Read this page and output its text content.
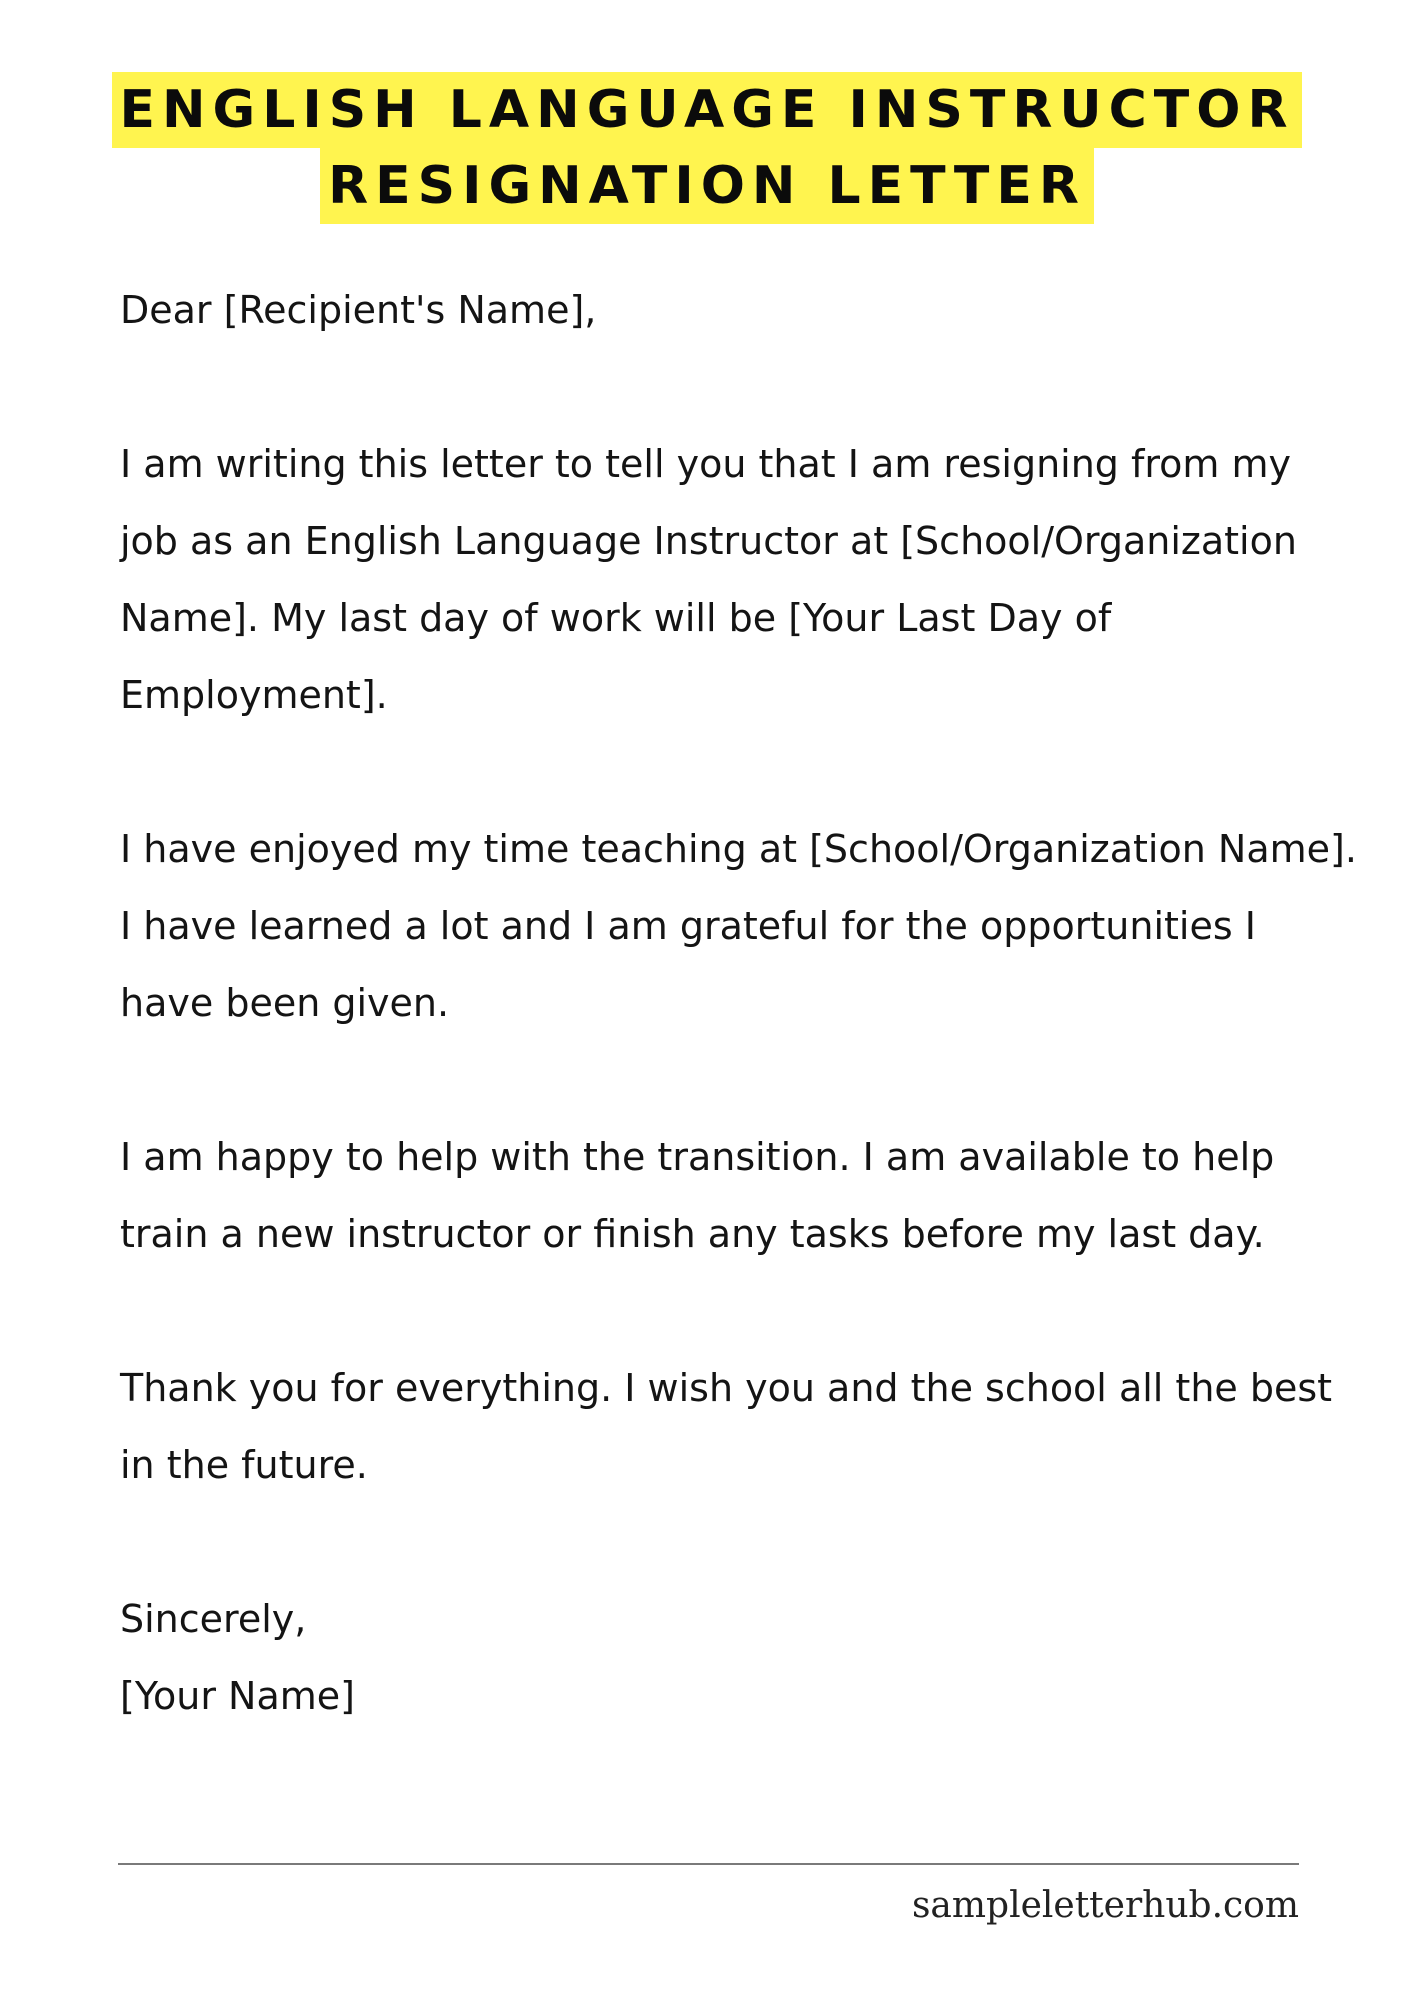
ENGLISH LANGUAGE INSTRUCTOR
RESIGNATION LETTER

Dear [Recipient's Name],

I am writing this letter to tell you that I am resigning from my job as an English Language Instructor at [School/Organization Name]. My last day of work will be [Your Last Day of Employment].

I have enjoyed my time teaching at [School/Organization Name]. I have learned a lot and I am grateful for the opportunities I have been given.

I am happy to help with the transition. I am available to help train a new instructor or finish any tasks before my last day.

Thank you for everything. I wish you and the school all the best in the future.

Sincerely,

[Your Name]

sampleletterhub.com
